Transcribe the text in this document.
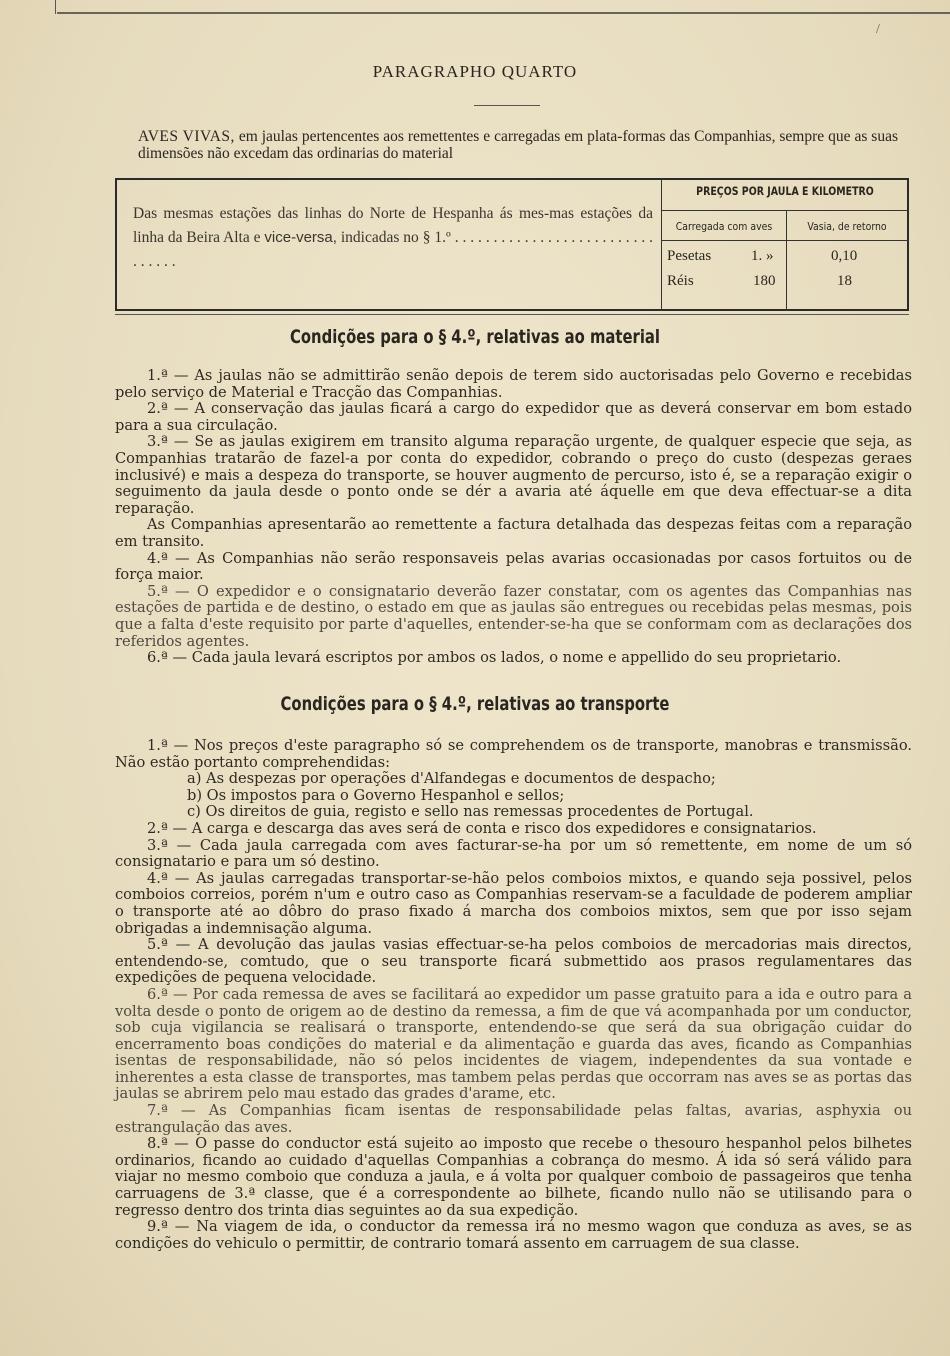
/
PARAGRAPHO QUARTO

AVES VIVAS, em jaulas pertencentes aos remettentes e carregadas em plata-formas das Companhias, sempre que as suas dimensões não excedam das ordinarias do material

Das mesmas estações das linhas do Norte de Hespanha ás mes-mas estações da linha da Beira Alta e vice-versa, indicadas no § 1.º . . . . . . . . . . . . . . . . . . . . . . . . . . . . . . . .
PREÇOS POR JAULA E KILOMETRO
Carregada com aves	Vasia, de retorno
Pesetas	1. »	0,10
Réis	180	18
Condições para o § 4.º, relativas ao material

1.ª — As jaulas não se admittirão senão depois de terem sido auctorisadas pelo Governo e recebidas pelo serviço de Material e Tracção das Companhias.

2.ª — A conservação das jaulas ficará a cargo do expedidor que as deverá conservar em bom estado para a sua circulação.

3.ª — Se as jaulas exigirem em transito alguma reparação urgente, de qualquer especie que seja, as Companhias tratarão de fazel-a por conta do expedidor, cobrando o preço do custo (despezas geraes inclusivé) e mais a despeza do transporte, se houver augmento de percurso, isto é, se a reparação exigir o seguimento da jaula desde o ponto onde se dér a avaria até áquelle em que deva effectuar-se a dita reparação.

As Companhias apresentarão ao remettente a factura detalhada das despezas feitas com a reparação em transito.

4.ª — As Companhias não serão responsaveis pelas avarias occasionadas por casos fortuitos ou de força maior.

5.ª — O expedidor e o consignatario deverão fazer constatar, com os agentes das Companhias nas estações de partida e de destino, o estado em que as jaulas são entregues ou recebidas pelas mesmas, pois que a falta d'este requisito por parte d'aquelles, entender-se-ha que se conformam com as declarações dos referidos agentes.

6.ª — Cada jaula levará escriptos por ambos os lados, o nome e appellido do seu proprietario.

Condições para o § 4.º, relativas ao transporte

1.ª — Nos preços d'este paragrapho só se comprehendem os de transporte, manobras e transmissão. Não estão portanto comprehendidas:

a) As despezas por operações d'Alfandegas e documentos de despacho;

b) Os impostos para o Governo Hespanhol e sellos;

c) Os direitos de guia, registo e sello nas remessas procedentes de Portugal.

2.ª — A carga e descarga das aves será de conta e risco dos expedidores e consignatarios.

3.ª — Cada jaula carregada com aves facturar-se-ha por um só remettente, em nome de um só consignatario e para um só destino.

4.ª — As jaulas carregadas transportar-se-hão pelos comboios mixtos, e quando seja possivel, pelos comboios correios, porém n'um e outro caso as Companhias reservam-se a faculdade de poderem ampliar o transporte até ao dôbro do praso fixado á marcha dos comboios mixtos, sem que por isso sejam obrigadas a indemnisação alguma.

5.ª — A devolução das jaulas vasias effectuar-se-ha pelos comboios de mercadorias mais directos, entendendo-se, comtudo, que o seu transporte ficará submettido aos prasos regulamentares das expedições de pequena velocidade.

6.ª — Por cada remessa de aves se facilitará ao expedidor um passe gratuito para a ida e outro para a volta desde o ponto de origem ao de destino da remessa, a fim de que vá acompanhada por um conductor, sob cuja vigilancia se realisará o transporte, entendendo-se que será da sua obrigação cuidar do encerramento boas condições do material e da alimentação e guarda das aves, ficando as Companhias isentas de responsabilidade, não só pelos incidentes de viagem, independentes da sua vontade e inherentes a esta classe de transportes, mas tambem pelas perdas que occorram nas aves se as portas das jaulas se abrirem pelo mau estado das grades d'arame, etc.

7.ª — As Companhias ficam isentas de responsabilidade pelas faltas, avarias, asphyxia ou estrangulação das aves.

8.ª — O passe do conductor está sujeito ao imposto que recebe o thesouro hespanhol pelos bilhetes ordinarios, ficando ao cuidado d'aquellas Companhias a cobrança do mesmo. Á ida só será válido para viajar no mesmo comboio que conduza a jaula, e á volta por qualquer comboio de passageiros que tenha carruagens de 3.ª classe, que é a correspondente ao bilhete, ficando nullo não se utilisando para o regresso dentro dos trinta dias seguintes ao da sua expedição.

9.ª — Na viagem de ida, o conductor da remessa irá no mesmo wagon que conduza as aves, se as condições do vehiculo o permittir, de contrario tomará assento em carruagem de sua classe.
